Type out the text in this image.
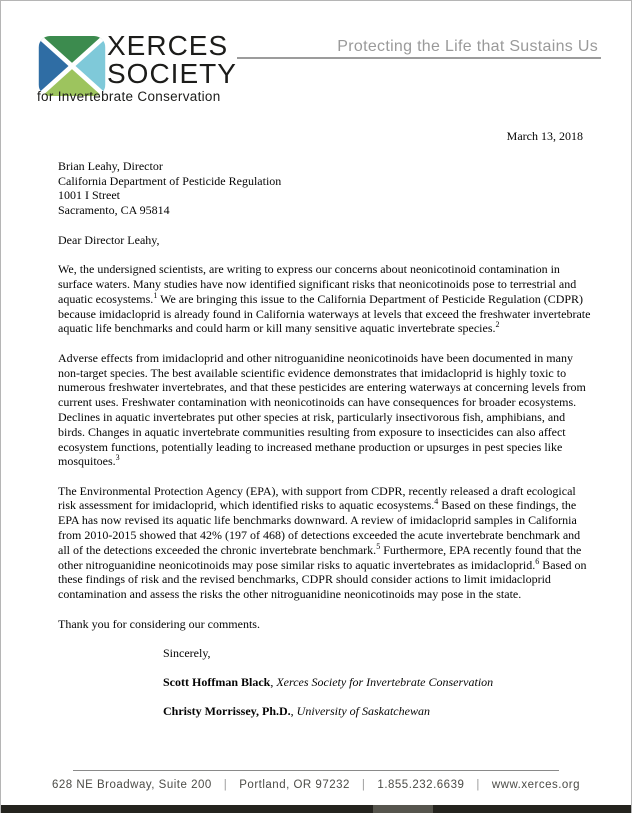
XERCES
SOCIETY
for Invertebrate Conservation
Protecting the Life that Sustains Us
March 13, 2018
Brian Leahy, Director
California Department of Pesticide Regulation
1001 I Street
Sacramento, CA 95814
Dear Director Leahy,

We, the undersigned scientists, are writing to express our concerns about neonicotinoid contamination in surface waters. Many studies have now identified significant risks that neonicotinoids pose to terrestrial and aquatic ecosystems.$^1$ We are bringing this issue to the California Department of Pesticide Regulation (CDPR) because imidacloprid is already found in California waterways at levels that exceed the freshwater invertebrate aquatic life benchmarks and could harm or kill many sensitive aquatic invertebrate species.$^2$

Adverse effects from imidacloprid and other nitroguanidine neonicotinoids have been documented in many non-target species. The best available scientific evidence demonstrates that imidacloprid is highly toxic to numerous freshwater invertebrates, and that these pesticides are entering waterways at concerning levels from current uses. Freshwater contamination with neonicotinoids can have consequences for broader ecosystems. Declines in aquatic invertebrates put other species at risk, particularly insectivorous fish, amphibians, and birds. Changes in aquatic invertebrate communities resulting from exposure to insecticides can also affect ecosystem functions, potentially leading to increased methane production or upsurges in pest species like mosquitoes.$^3$

The Environmental Protection Agency (EPA), with support from CDPR, recently released a draft ecological risk assessment for imidacloprid, which identified risks to aquatic ecosystems.$^4$ Based on these findings, the EPA has now revised its aquatic life benchmarks downward. A review of imidacloprid samples in California from 2010-2015 showed that 42% (197 of 468) of detections exceeded the acute invertebrate benchmark and all of the detections exceeded the chronic invertebrate benchmark.$^5$ Furthermore, EPA recently found that the other nitroguanidine neonicotinoids may pose similar risks to aquatic invertebrates as imidacloprid.$^6$ Based on these findings of risk and the revised benchmarks, CDPR should consider actions to limit imidacloprid contamination and assess the risks the other nitroguanidine neonicotinoids may pose in the state.

Thank you for considering our comments.
Sincerely,

Scott Hoffman Black, Xerces Society for Invertebrate Conservation

Christy Morrissey, Ph.D., University of Saskatchewan

628 NE Broadway, Suite 200 | Portland, OR 97232 | 1.855.232.6639 | www.xerces.org
